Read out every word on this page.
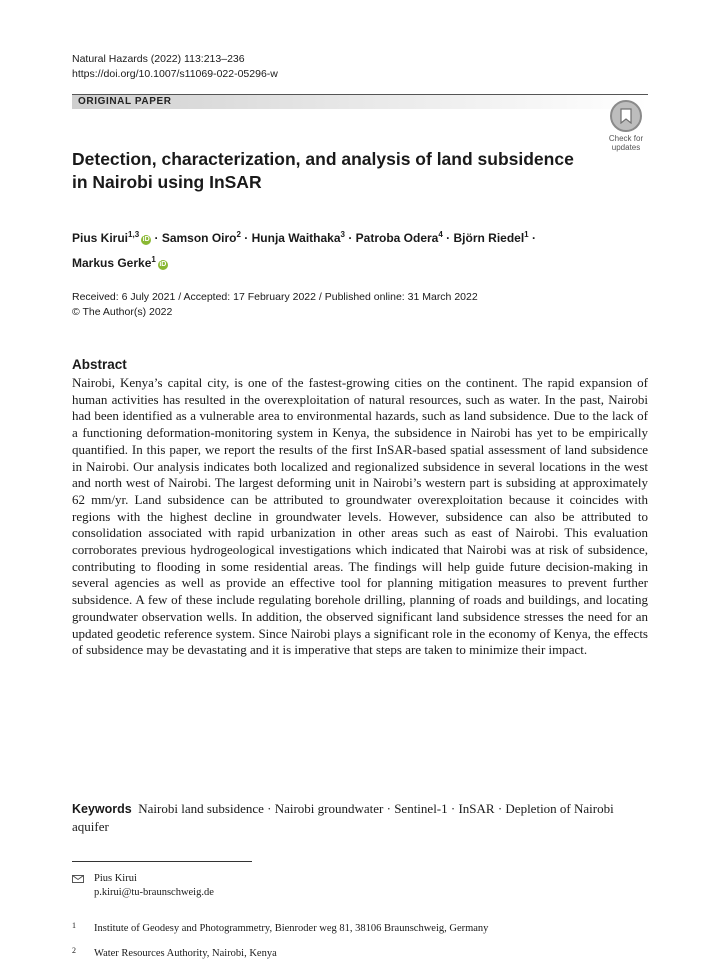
Natural Hazards (2022) 113:213–236
https://doi.org/10.1007/s11069-022-05296-w
ORIGINAL PAPER
Check for
updates
Detection, characterization, and analysis of land subsidence
in Nairobi using InSAR
Pius Kirui$^{1,3}$iD · Samson Oiro$^2$ · Hunja Waithaka$^3$ · Patroba Odera$^4$ · Björn Riedel$^1$ ·
Markus Gerke$^1$iD
Received: 6 July 2021 / Accepted: 17 February 2022 / Published online: 31 March 2022
© The Author(s) 2022
Abstract

Nairobi, Kenya’s capital city, is one of the fastest-growing cities on the continent. The rapid expansion of human activities has resulted in the overexploitation of natural resources, such as water. In the past, Nairobi had been identified as a vulnerable area to environmental hazards, such as land subsidence. Due to the lack of a functioning deformation-monitoring system in Kenya, the subsidence in Nairobi has yet to be empirically quantified. In this paper, we report the results of the first InSAR-based spatial assessment of land subsidence in Nairobi. Our analysis indicates both localized and regionalized subsidence in several locations in the west and north west of Nairobi. The largest deforming unit in Nairobi’s western part is subsiding at approximately 62 mm/yr. Land subsidence can be attributed to groundwater overexploitation because it coincides with regions with the highest decline in groundwater levels. However, subsidence can also be attributed to consolidation associated with rapid urbanization in other areas such as east of Nairobi. This evaluation corroborates previous hydrogeological investigations which indicated that Nairobi was at risk of subsidence, contributing to flooding in some residential areas. The findings will help guide future decision-making in several agencies as well as provide an effective tool for planning mitigation measures to prevent further subsidence. A few of these include regulating borehole drilling, planning of roads and buildings, and locating groundwater observation wells. In addition, the observed significant land subsidence stresses the need for an updated geodetic reference system. Since Nairobi plays a significant role in the economy of Kenya, the effects of subsidence may be devastating and it is imperative that steps are taken to minimize their impact.

Keywords Nairobi land subsidence · Nairobi groundwater · Sentinel-1 · InSAR · Depletion of Nairobi aquifer

Pius Kirui
p.kirui@tu-braunschweig.de
1 Institute of Geodesy and Photogrammetry, Bienroder weg 81, 38106 Braunschweig, Germany
2 Water Resources Authority, Nairobi, Kenya
